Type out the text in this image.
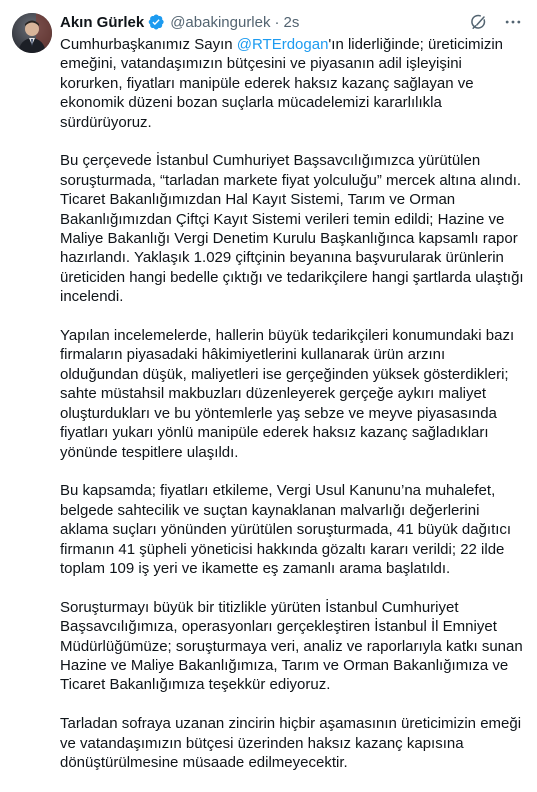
Akın Gürlek @abakingurlek · 2s

Cumhurbaşkanımız Sayın @RTErdogan'ın liderliğinde; üreticimizin emeğini, vatandaşımızın bütçesini ve piyasanın adil işleyişini korurken, fiyatları manipüle ederek haksız kazanç sağlayan ve ekonomik düzeni bozan suçlarla mücadelemizi kararlılıkla sürdürüyoruz.

Bu çerçevede İstanbul Cumhuriyet Başsavcılığımızca yürütülen soruşturmada, “tarladan markete fiyat yolculuğu” mercek altına alındı. Ticaret Bakanlığımızdan Hal Kayıt Sistemi, Tarım ve Orman Bakanlığımızdan Çiftçi Kayıt Sistemi verileri temin edildi; Hazine ve Maliye Bakanlığı Vergi Denetim Kurulu Başkanlığınca kapsamlı rapor hazırlandı. Yaklaşık 1.029 çiftçinin beyanına başvurularak ürünlerin üreticiden hangi bedelle çıktığı ve tedarikçilere hangi şartlarda ulaştığı incelendi.

Yapılan incelemelerde, hallerin büyük tedarikçileri konumundaki bazı firmaların piyasadaki hâkimiyetlerini kullanarak ürün arzını olduğundan düşük, maliyetleri ise gerçeğinden yüksek gösterdikleri; sahte müstahsil makbuzları düzenleyerek gerçeğe aykırı maliyet oluşturdukları ve bu yöntemlerle yaş sebze ve meyve piyasasında fiyatları yukarı yönlü manipüle ederek haksız kazanç sağladıkları yönünde tespitlere ulaşıldı.

Bu kapsamda; fiyatları etkileme, Vergi Usul Kanunu’na muhalefet, belgede sahtecilik ve suçtan kaynaklanan malvarlığı değerlerini aklama suçları yönünden yürütülen soruşturmada, 41 büyük dağıtıcı firmanın 41 şüpheli yöneticisi hakkında gözaltı kararı verildi; 22 ilde toplam 109 iş yeri ve ikamette eş zamanlı arama başlatıldı.

Soruşturmayı büyük bir titizlikle yürüten İstanbul Cumhuriyet Başsavcılığımıza, operasyonları gerçekleştiren İstanbul İl Emniyet Müdürlüğümüze; soruşturmaya veri, analiz ve raporlarıyla katkı sunan Hazine ve Maliye Bakanlığımıza, Tarım ve Orman Bakanlığımıza ve Ticaret Bakanlığımıza teşekkür ediyoruz.

Tarladan sofraya uzanan zincirin hiçbir aşamasının üreticimizin emeği ve vatandaşımızın bütçesi üzerinden haksız kazanç kapısına dönüştürülmesine müsaade edilmeyecektir.
